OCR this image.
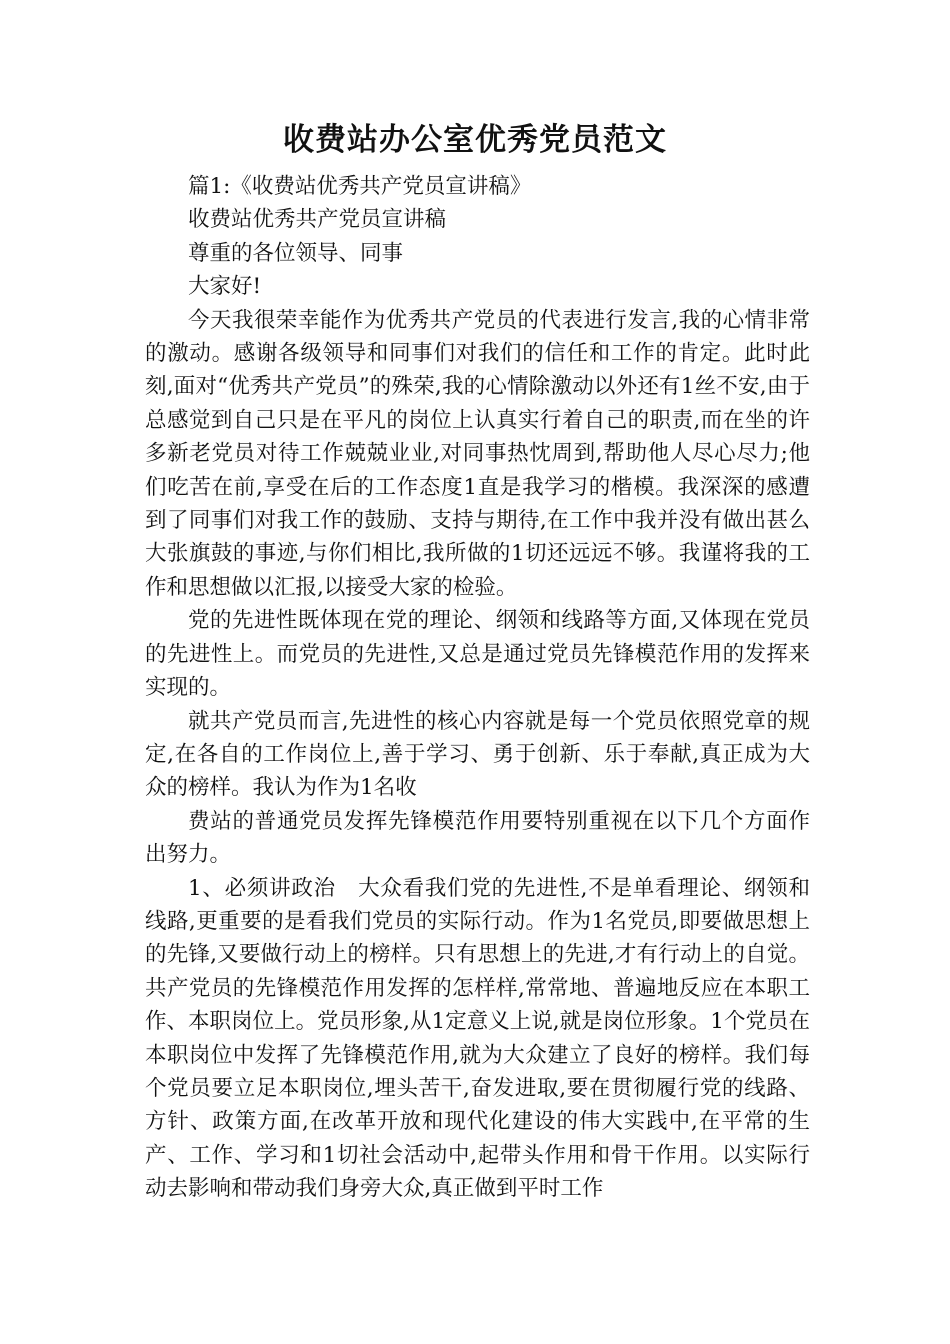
收费站办公室优秀党员范文

篇1:《收费站优秀共产党员宣讲稿》

收费站优秀共产党员宣讲稿

尊重的各位领导、同事

大家好!

今天我很荣幸能作为优秀共产党员的代表进行发言,我的心情非常的激动。感谢各级领导和同事们对我们的信任和工作的肯定。此时此刻,面对“优秀共产党员”的殊荣,我的心情除激动以外还有1丝不安,由于总感觉到自己只是在平凡的岗位上认真实行着自己的职责,而在坐的许多新老党员对待工作兢兢业业,对同事热忱周到,帮助他人尽心尽力;他们吃苦在前,享受在后的工作态度1直是我学习的楷模。我深深的感遭到了同事们对我工作的鼓励、支持与期待,在工作中我并没有做出甚么大张旗鼓的事迹,与你们相比,我所做的1切还远远不够。我谨将我的工作和思想做以汇报,以接受大家的检验。

党的先进性既体现在党的理论、纲领和线路等方面,又体现在党员的先进性上。而党员的先进性,又总是通过党员先锋模范作用的发挥来实现的。

就共产党员而言,先进性的核心内容就是每一个党员依照党章的规定,在各自的工作岗位上,善于学习、勇于创新、乐于奉献,真正成为大众的榜样。我认为作为1名收

费站的普通党员发挥先锋模范作用要特别重视在以下几个方面作出努力。

1、必须讲政治　大众看我们党的先进性,不是单看理论、纲领和线路,更重要的是看我们党员的实际行动。作为1名党员,即要做思想上的先锋,又要做行动上的榜样。只有思想上的先进,才有行动上的自觉。共产党员的先锋模范作用发挥的怎样样,常常地、普遍地反应在本职工作、本职岗位上。党员形象,从1定意义上说,就是岗位形象。1个党员在本职岗位中发挥了先锋模范作用,就为大众建立了良好的榜样。我们每个党员要立足本职岗位,埋头苦干,奋发进取,要在贯彻履行党的线路、方针、政策方面,在改革开放和现代化建设的伟大实践中,在平常的生产、工作、学习和1切社会活动中,起带头作用和骨干作用。以实际行动去影响和带动我们身旁大众,真正做到平时工作
